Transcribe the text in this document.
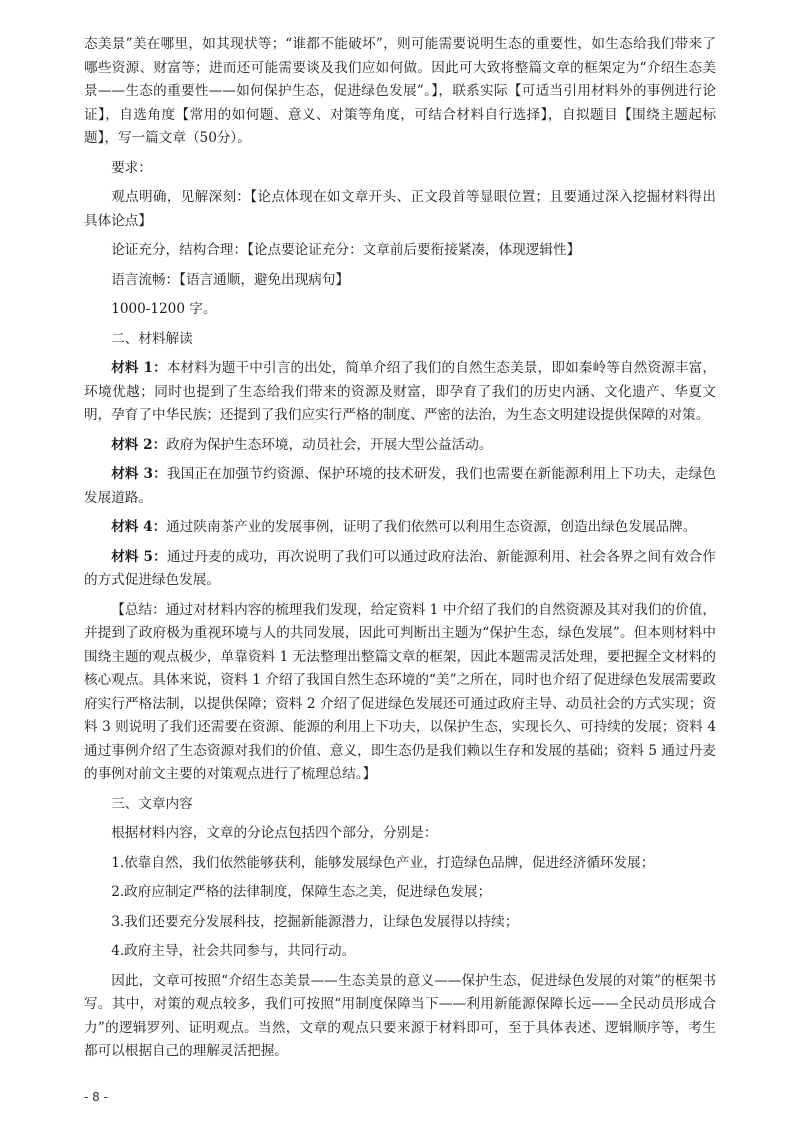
态美景”美在哪里，如其现状等；“谁都不能破坏”，则可能需要说明生态的重要性，如生态给我们带来了哪些资源、财富等；进而还可能需要谈及我们应如何做。因此可大致将整篇文章的框架定为“介绍生态美景——生态的重要性——如何保护生态，促进绿色发展”。】，联系实际【可适当引用材料外的事例进行论证】，自选角度【常用的如何题、意义、对策等角度，可结合材料自行选择】，自拟题目【围绕主题起标题】，写一篇文章（50分）。

要求：

观点明确，见解深刻：【论点体现在如文章开头、正文段首等显眼位置；且要通过深入挖掘材料得出具体论点】

论证充分，结构合理：【论点要论证充分：文章前后要衔接紧凑，体现逻辑性】

语言流畅：【语言通顺，避免出现病句】

1000-1200 字。

二、材料解读

材料 1：本材料为题干中引言的出处，简单介绍了我们的自然生态美景，即如秦岭等自然资源丰富，环境优越；同时也提到了生态给我们带来的资源及财富，即孕育了我们的历史内涵、文化遗产、华夏文明，孕育了中华民族；还提到了我们应实行严格的制度、严密的法治，为生态文明建设提供保障的对策。

材料 2：政府为保护生态环境，动员社会，开展大型公益活动。

材料 3：我国正在加强节约资源、保护环境的技术研发，我们也需要在新能源利用上下功夫，走绿色发展道路。

材料 4：通过陕南茶产业的发展事例，证明了我们依然可以利用生态资源，创造出绿色发展品牌。

材料 5：通过丹麦的成功，再次说明了我们可以通过政府法治、新能源利用、社会各界之间有效合作的方式促进绿色发展。

【总结：通过对材料内容的梳理我们发现，给定资料 1 中介绍了我们的自然资源及其对我们的价值，并提到了政府极为重视环境与人的共同发展，因此可判断出主题为“保护生态，绿色发展”。但本则材料中围绕主题的观点极少，单靠资料 1 无法整理出整篇文章的框架，因此本题需灵活处理，要把握全文材料的核心观点。具体来说，资料 1 介绍了我国自然生态环境的“美”之所在，同时也介绍了促进绿色发展需要政府实行严格法制，以提供保障；资料 2 介绍了促进绿色发展还可通过政府主导、动员社会的方式实现；资料 3 则说明了我们还需要在资源、能源的利用上下功夫，以保护生态，实现长久、可持续的发展；资料 4 通过事例介绍了生态资源对我们的价值、意义，即生态仍是我们赖以生存和发展的基础；资料 5 通过丹麦的事例对前文主要的对策观点进行了梳理总结。】

三、文章内容

根据材料内容，文章的分论点包括四个部分，分别是：

1.依靠自然，我们依然能够获利，能够发展绿色产业，打造绿色品牌，促进经济循环发展；

2.政府应制定严格的法律制度，保障生态之美，促进绿色发展；

3.我们还要充分发展科技，挖掘新能源潜力，让绿色发展得以持续；

4.政府主导，社会共同参与，共同行动。

因此，文章可按照“介绍生态美景——生态美景的意义——保护生态，促进绿色发展的对策”的框架书写。其中，对策的观点较多，我们可按照“用制度保障当下——利用新能源保障长远——全民动员形成合力”的逻辑罗列、证明观点。当然，文章的观点只要来源于材料即可，至于具体表述、逻辑顺序等，考生都可以根据自己的理解灵活把握。

- 8 -
